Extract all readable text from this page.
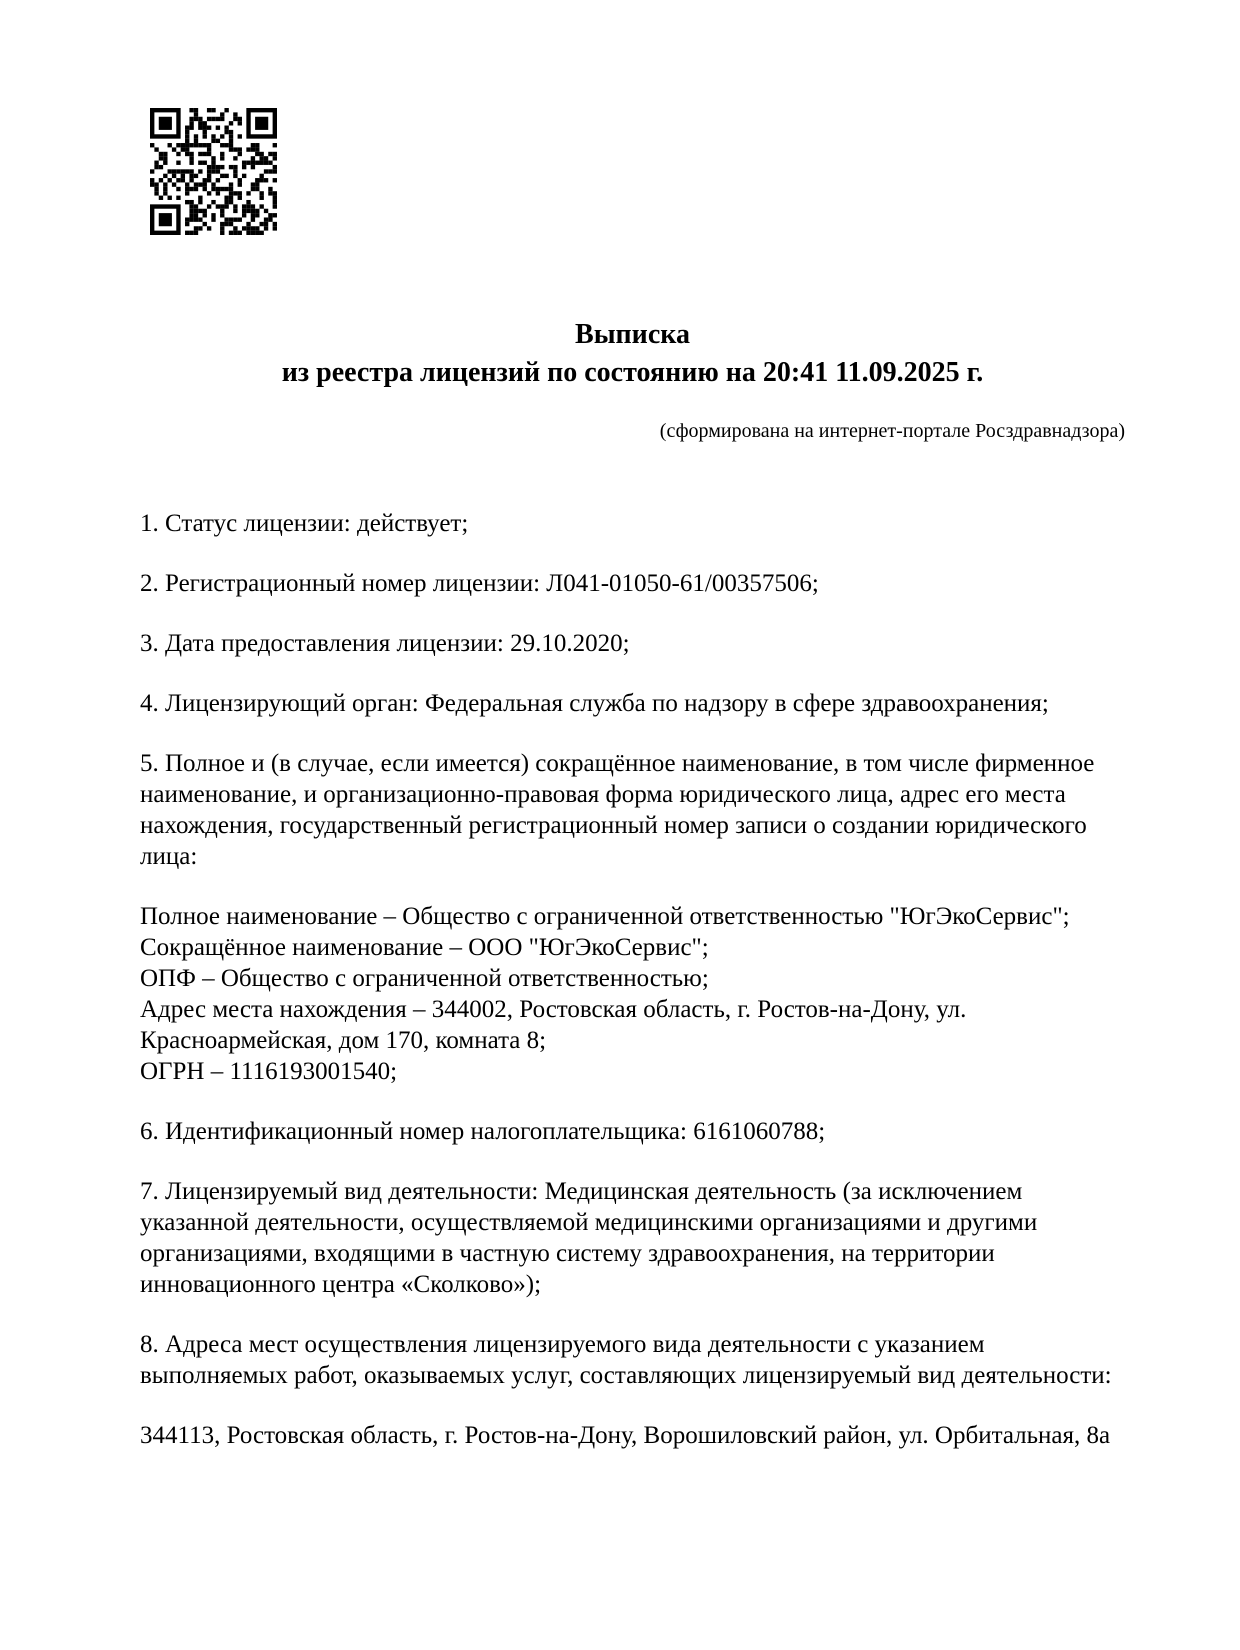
Выписка
из реестра лицензий по состоянию на 20:41 11.09.2025 г.
(сформирована на интернет-портале Росздравнадзора)
1. Статус лицензии: действует;
2. Регистрационный номер лицензии: Л041-01050-61/00357506;
3. Дата предоставления лицензии: 29.10.2020;
4. Лицензирующий орган: Федеральная служба по надзору в сфере здравоохранения;
5. Полное и (в случае, если имеется) сокращённое наименование, в том числе фирменное наименование, и организационно-правовая форма юридического лица, адрес его места нахождения, государственный регистрационный номер записи о создании юридического лица:
Полное наименование – Общество с ограниченной ответственностью "ЮгЭкоСервис";
Сокращённое наименование – ООО "ЮгЭкоСервис";
ОПФ – Общество с ограниченной ответственностью;
Адрес места нахождения – 344002, Ростовская область, г. Ростов-на-Дону, ул. Красноармейская, дом 170, комната 8;
ОГРН – 1116193001540;
6. Идентификационный номер налогоплательщика: 6161060788;
7. Лицензируемый вид деятельности: Медицинская деятельность (за исключением указанной деятельности, осуществляемой медицинскими организациями и другими организациями, входящими в частную систему здравоохранения, на территории инновационного центра «Сколково»);
8. Адреса мест осуществления лицензируемого вида деятельности с указанием выполняемых работ, оказываемых услуг, составляющих лицензируемый вид деятельности:
344113, Ростовская область, г. Ростов-на-Дону, Ворошиловский район, ул. Орбитальная, 8а
